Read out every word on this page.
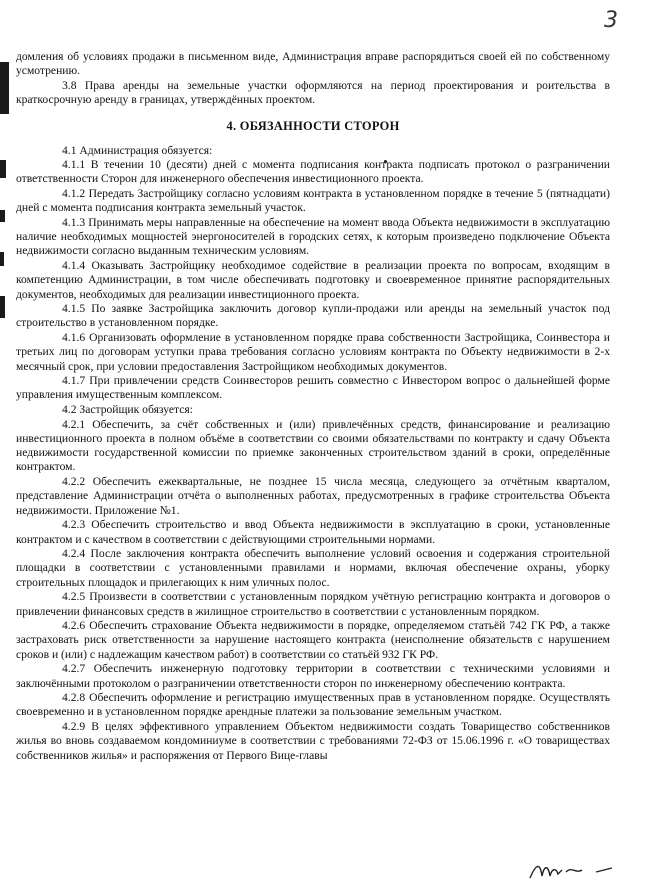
3

домления об условиях продажи в письменном виде, Администрация вправе распорядиться своей ей по собственному усмотрению.

3.8 Права аренды на земельные участки оформляются на период проектирования и роительства в краткосрочную аренду в границах, утверждённых проектом.

4. ОБЯЗАННОСТИ СТОРОН

4.1 Администрация обязуется:

4.1.1 В течении 10 (десяти) дней с момента подписания контракта подписать протокол о разграничении ответственности Сторон для инженерного обеспечения инвестиционного проекта.

4.1.2 Передать Застройщику согласно условиям контракта в установленном порядке в течение 5 (пятнадцати) дней с момента подписания контракта земельный участок.

4.1.3 Принимать меры направленные на обеспечение на момент ввода Объекта недвижимости в эксплуатацию наличие необходимых мощностей энергоносителей в городских сетях, к которым произведено подключение Объекта недвижимости согласно выданным техническим условиям.

4.1.4 Оказывать Застройщику необходимое содействие в реализации проекта по вопросам, входящим в компетенцию Администрации, в том числе обеспечивать подготовку и своевременное принятие распорядительных документов, необходимых для реализации инвестиционного проекта.

4.1.5 По заявке Застройщика заключить договор купли-продажи или аренды на земельный участок под строительство в установленном порядке.

4.1.6 Организовать оформление в установленном порядке права собственности Застройщика, Соинвестора и третьих лиц по договорам уступки права требования согласно условиям контракта по Объекту недвижимости в 2-х месячный срок, при условии предоставления Застройщиком необходимых документов.

4.1.7 При привлечении средств Соинвесторов решить совместно с Инвестором вопрос о дальнейшей форме управления имущественным комплексом.

4.2 Застройщик обязуется:

4.2.1 Обеспечить, за счёт собственных и (или) привлечённых средств, финансирование и реализацию инвестиционного проекта в полном объёме в соответствии со своими обязательствами по контракту и сдачу Объекта недвижимости государственной комиссии по приемке законченных строительством зданий в сроки, определённые контрактом.

4.2.2 Обеспечить ежеквартальные, не позднее 15 числа месяца, следующего за отчётным кварталом, представление Администрации отчёта о выполненных работах, предусмотренных в графике строительства Объекта недвижимости. Приложение №1.

4.2.3 Обеспечить строительство и ввод Объекта недвижимости в эксплуатацию в сроки, установленные контрактом и с качеством в соответствии с действующими строительными нормами.

4.2.4 После заключения контракта обеспечить выполнение условий освоения и содержания строительной площадки в соответствии с установленными правилами и нормами, включая обеспечение охраны, уборку строительных площадок и прилегающих к ним уличных полос.

4.2.5 Произвести в соответствии с установленным порядком учётную регистрацию контракта и договоров о привлечении финансовых средств в жилищное строительство в соответствии с установленным порядком.

4.2.6 Обеспечить страхование Объекта недвижимости в порядке, определяемом статьёй 742 ГК РФ, а также застраховать риск ответственности за нарушение настоящего контракта (неисполнение обязательств с нарушением сроков и (или) с надлежащим качеством работ) в соответствии со статьёй 932 ГК РФ.

4.2.7 Обеспечить инженерную подготовку территории в соответствии с техническими условиями и заключёнными протоколом о разграничении ответственности сторон по инженерному обеспечению контракта.

4.2.8 Обеспечить оформление и регистрацию имущественных прав в установленном порядке. Осуществлять своевременно и в установленном порядке арендные платежи за пользование земельным участком.

4.2.9 В целях эффективного управлением Объектом недвижимости создать Товарищество собственников жилья во вновь создаваемом кондоминиуме в соответствии с требованиями 72-ФЗ от 15.06.1996 г. «О товариществах собственников жилья» и распоряжения от Первого Вице-главы
